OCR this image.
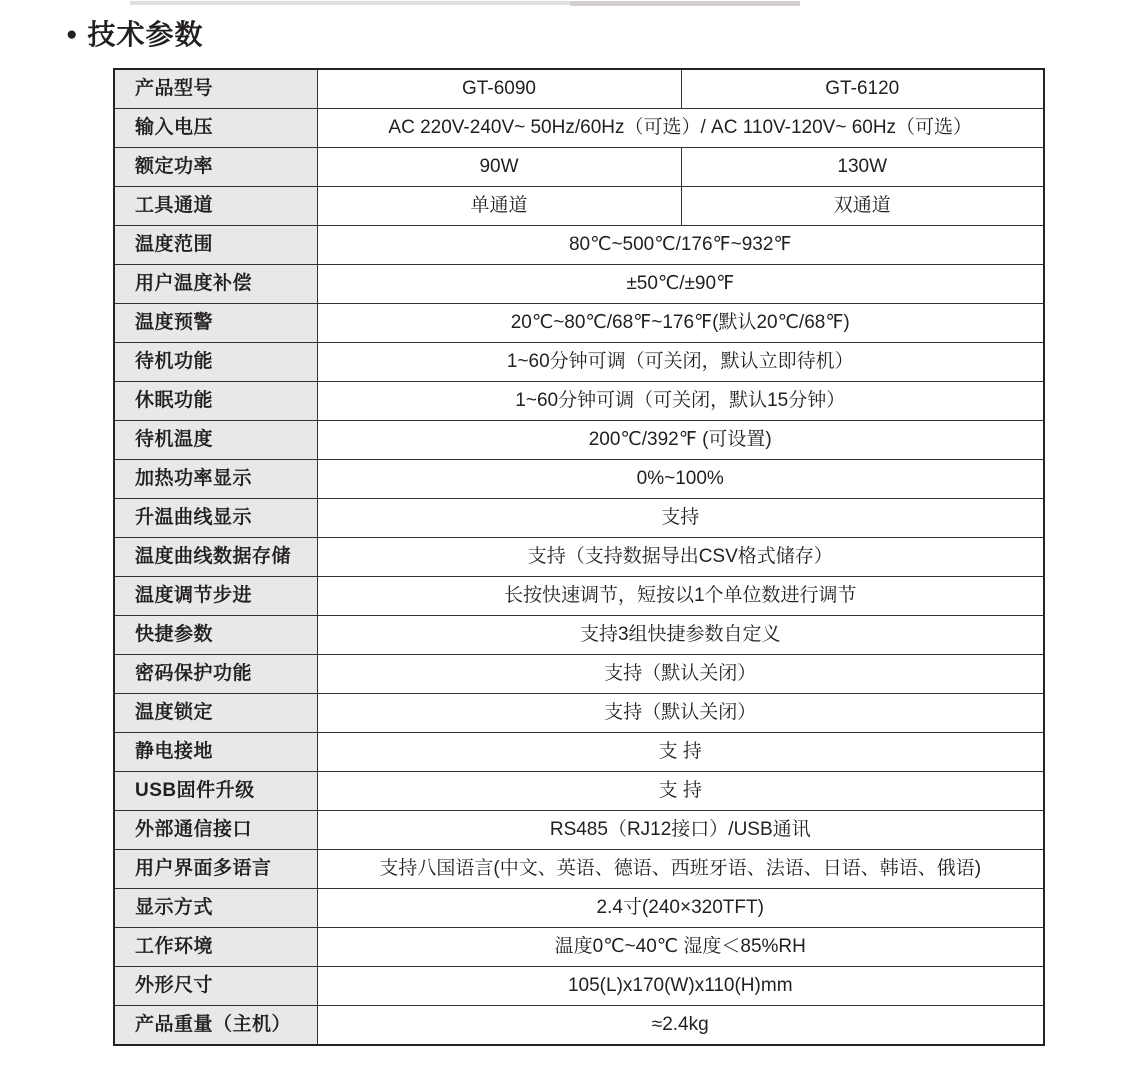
● 技术参数
产品型号	GT-6090	GT-6120
输入电压	AC 220V-240V~ 50Hz/60Hz（可选）/ AC 110V-120V~ 60Hz（可选）	
额定功率	90W	130W
工具通道	单通道	双通道
温度范围	80℃~500℃/176℉~932℉	
用户温度补偿	±50℃/±90℉	
温度预警	20℃~80℃/68℉~176℉(默认20℃/68℉)	
待机功能	1~60分钟可调（可关闭，默认立即待机）	
休眠功能	1~60分钟可调（可关闭，默认15分钟）	
待机温度	200℃/392℉ (可设置)	
加热功率显示	0%~100%	
升温曲线显示	支持	
温度曲线数据存储	支持（支持数据导出CSV格式储存）	
温度调节步进	长按快速调节，短按以1个单位数进行调节	
快捷参数	支持3组快捷参数自定义	
密码保护功能	支持（默认关闭）	
温度锁定	支持（默认关闭）	
静电接地	支 持	
USB固件升级	支 持	
外部通信接口	RS485（RJ12接口）/USB通讯	
用户界面多语言	支持八国语言(中文、英语、德语、西班牙语、法语、日语、韩语、俄语)	
显示方式	2.4寸(240×320TFT)	
工作环境	温度0℃~40℃ 湿度＜85%RH	
外形尺寸	105(L)x170(W)x110(H)mm	
产品重量（主机）	≈2.4kg	
